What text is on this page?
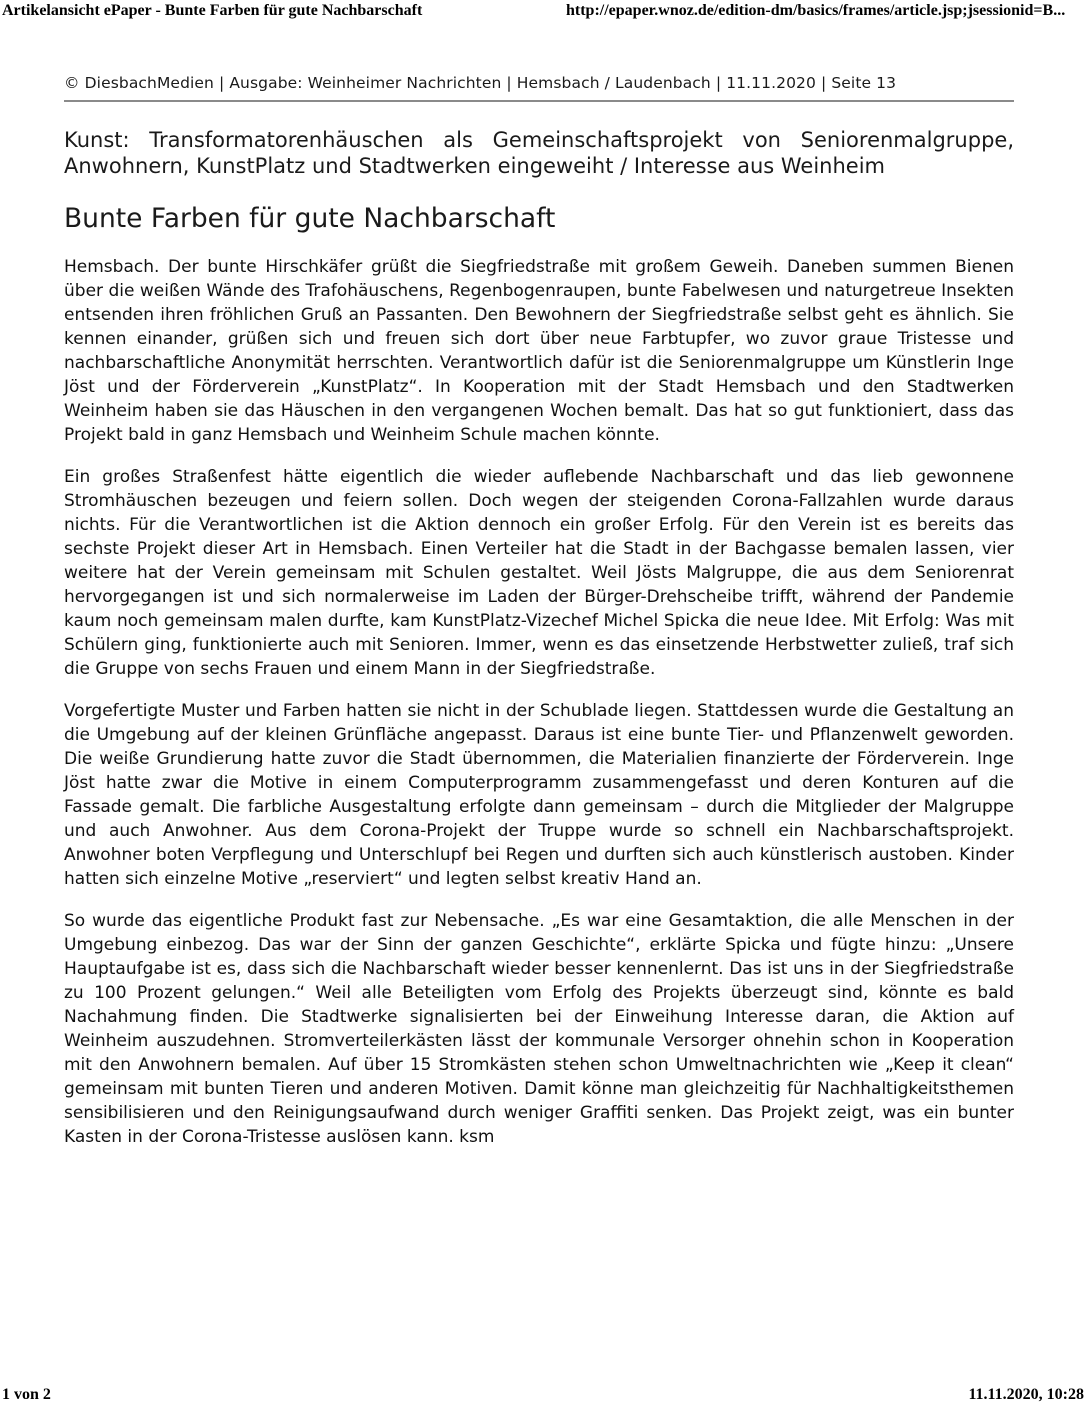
Artikelansicht ePaper - Bunte Farben für gute Nachbarschaft	http://epaper.wnoz.de/edition-dm/basics/frames/article.jsp;jsessionid=B...
© DiesbachMedien | Ausgabe: Weinheimer Nachrichten | Hemsbach / Laudenbach | 11.11.2020 | Seite 13
Kunst: Transformatorenhäuschen als Gemeinschaftsprojekt von Seniorenmalgruppe, Anwohnern, KunstPlatz und Stadtwerken eingeweiht / Interesse aus Weinheim
Bunte Farben für gute Nachbarschaft

Hemsbach. Der bunte Hirschkäfer grüßt die Siegfriedstraße mit großem Geweih. Daneben summen Bienen über die weißen Wände des Trafohäuschens, Regenbogenraupen, bunte Fabelwesen und naturgetreue Insekten entsenden ihren fröhlichen Gruß an Passanten. Den Bewohnern der Siegfriedstraße selbst geht es ähnlich. Sie kennen einander, grüßen sich und freuen sich dort über neue Farbtupfer, wo zuvor graue Tristesse und nachbarschaftliche Anonymität herrschten. Verantwortlich dafür ist die Seniorenmalgruppe um Künstlerin Inge Jöst und der Förderverein „KunstPlatz“. In Kooperation mit der Stadt Hemsbach und den Stadtwerken Weinheim haben sie das Häuschen in den vergangenen Wochen bemalt. Das hat so gut funktioniert, dass das Projekt bald in ganz Hemsbach und Weinheim Schule machen könnte.

Ein großes Straßenfest hätte eigentlich die wieder auflebende Nachbarschaft und das lieb gewonnene Stromhäuschen bezeugen und feiern sollen. Doch wegen der steigenden Corona-Fallzahlen wurde daraus nichts. Für die Verantwortlichen ist die Aktion dennoch ein großer Erfolg. Für den Verein ist es bereits das sechste Projekt dieser Art in Hemsbach. Einen Verteiler hat die Stadt in der Bachgasse bemalen lassen, vier weitere hat der Verein gemeinsam mit Schulen gestaltet. Weil Jösts Malgruppe, die aus dem Seniorenrat hervorgegangen ist und sich normalerweise im Laden der Bürger-Drehscheibe trifft, während der Pandemie kaum noch gemeinsam malen durfte, kam KunstPlatz-Vizechef Michel Spicka die neue Idee. Mit Erfolg: Was mit Schülern ging, funktionierte auch mit Senioren. Immer, wenn es das einsetzende Herbstwetter zuließ, traf sich die Gruppe von sechs Frauen und einem Mann in der Siegfriedstraße.

Vorgefertigte Muster und Farben hatten sie nicht in der Schublade liegen. Stattdessen wurde die Gestaltung an die Umgebung auf der kleinen Grünfläche angepasst. Daraus ist eine bunte Tier- und Pflanzenwelt geworden. Die weiße Grundierung hatte zuvor die Stadt übernommen, die Materialien finanzierte der Förderverein. Inge Jöst hatte zwar die Motive in einem Computerprogramm zusammengefasst und deren Konturen auf die Fassade gemalt. Die farbliche Ausgestaltung erfolgte dann gemeinsam – durch die Mitglieder der Malgruppe und auch Anwohner. Aus dem Corona-Projekt der Truppe wurde so schnell ein Nachbarschaftsprojekt. Anwohner boten Verpflegung und Unterschlupf bei Regen und durften sich auch künstlerisch austoben. Kinder hatten sich einzelne Motive „reserviert“ und legten selbst kreativ Hand an.

So wurde das eigentliche Produkt fast zur Nebensache. „Es war eine Gesamtaktion, die alle Menschen in der Umgebung einbezog. Das war der Sinn der ganzen Geschichte“, erklärte Spicka und fügte hinzu: „Unsere Hauptaufgabe ist es, dass sich die Nachbarschaft wieder besser kennenlernt. Das ist uns in der Siegfriedstraße zu 100 Prozent gelungen.“ Weil alle Beteiligten vom Erfolg des Projekts überzeugt sind, könnte es bald Nachahmung finden. Die Stadtwerke signalisierten bei der Einweihung Interesse daran, die Aktion auf Weinheim auszudehnen. Stromverteilerkästen lässt der kommunale Versorger ohnehin schon in Kooperation mit den Anwohnern bemalen. Auf über 15 Stromkästen stehen schon Umweltnachrichten wie „Keep it clean“ gemeinsam mit bunten Tieren und anderen Motiven. Damit könne man gleichzeitig für Nachhaltigkeitsthemen sensibilisieren und den Reinigungsaufwand durch weniger Graffiti senken. Das Projekt zeigt, was ein bunter Kasten in der Corona-Tristesse auslösen kann. ksm

1 von 2	11.11.2020, 10:28
